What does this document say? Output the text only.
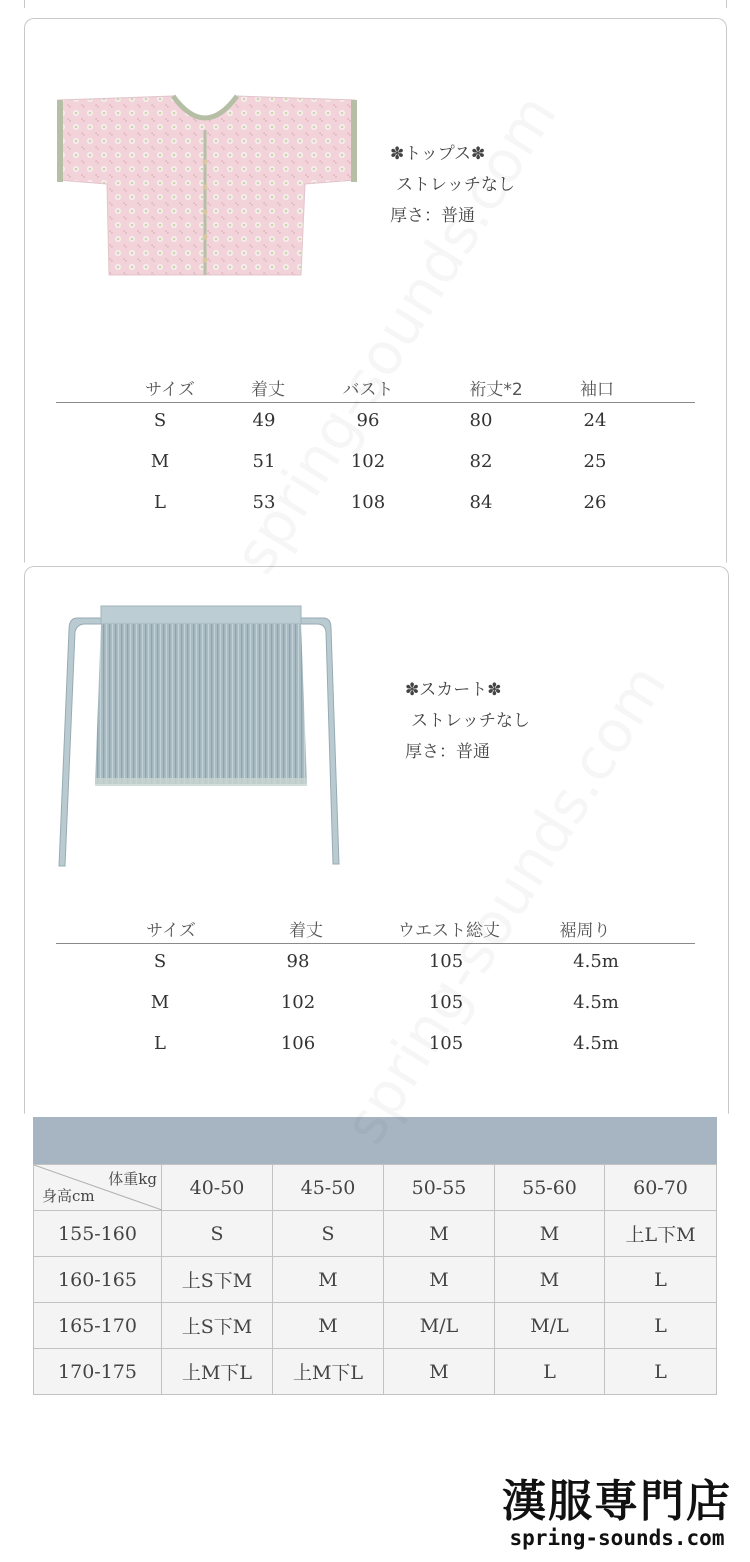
✽トップス✽
ストレッチなし
厚さ：普通
サイズ	着丈	バスト	裄丈*2	袖口
S	49	96	80	24
M	51	102	82	25
L	53	108	84	26
✽スカート✽
ストレッチなし
厚さ：普通
サイズ	着丈	ウエスト総丈	裾周り
S	98	105	4.5m
M	102	105	4.5m
L	106	105	4.5m
体重kg
身高cm	40-50	45-50	50-55	55-60	60-70
155-160	S	S	M	M	上L下M
160-165	上S下M	M	M	M	L
165-170	上S下M	M	M/L	M/L	L
170-175	上M下L	上M下L	M	L	L
漢服専門店
spring-sounds.com
